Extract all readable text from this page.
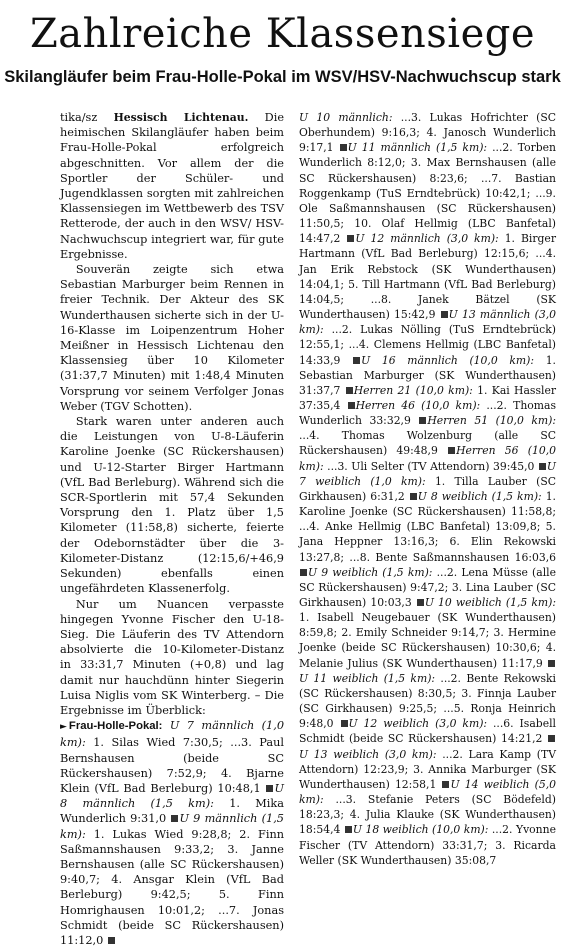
Zahlreiche Klassensiege
Skilangläufer beim Frau-Holle-Pokal im WSV/HSV-Nachwuchscup stark

tika/sz Hessisch Lichtenau. Die heimischen Skilangläufer haben beim Frau-Holle-Pokal erfolgreich abgeschnitten. Vor allem der die Sportler der Schüler- und Jugendklassen sorgten mit zahlreichen Klassensiegen im Wettbewerb des TSV Retterode, der auch in den WSV/ HSV-Nachwuchscup integriert war, für gute Ergebnisse.

Souverän zeigte sich etwa Sebastian Marburger beim Rennen in freier Technik. Der Akteur des SK Wunderthausen sicherte sich in der U-16-Klasse im Loipenzentrum Hoher Meißner in Hessisch Lichtenau den Klassensieg über 10 Kilometer (31:37,7 Minuten) mit 1:48,4 Minuten Vorsprung vor seinem Verfolger Jonas Weber (TGV Schotten).

Stark waren unter anderen auch die Leistungen von U-8-Läuferin Karoline Joenke (SC Rückershausen) und U-12-Starter Birger Hartmann (VfL Bad Berleburg). Während sich die SCR-Sportlerin mit 57,4 Sekunden Vorsprung den 1. Platz über 1,5 Kilometer (11:58,8) sicherte, feierte der Odebornstädter über die 3-Kilometer-Distanz (12:15,6/+46,9 Sekunden) ebenfalls einen ungefährdeten Klassenerfolg.

Nur um Nuancen verpasste hingegen Yvonne Fischer den U-18-Sieg. Die Läuferin des TV Attendorn absolvierte die 10-Kilometer-Distanz in 33:31,7 Minuten (+0,8) und lag damit nur hauchdünn hinter Siegerin Luisa Niglis vom SK Winterberg. – Die Ergebnisse im Überblick:

► Frau-Holle-Pokal: U 7 männlich (1,0 km): 1. Silas Wied 7:30,5; ...3. Paul Bernshausen (beide SC Rückershausen) 7:52,9; 4. Bjarne Klein (VfL Bad Berleburg) 10:48,1 U 8 männlich (1,5 km): 1. Mika Wunderlich 9:31,0 U 9 männlich (1,5 km): 1. Lukas Wied 9:28,8; 2. Finn Saßmannshausen 9:33,2; 3. Janne Bernshausen (alle SC Rückershausen) 9:40,7; 4. Ansgar Klein (VfL Bad Berleburg) 9:42,5; 5. Finn Homrighausen 10:01,2; ...7. Jonas Schmidt (beide SC Rückershausen) 11:12,0

U 10 männlich: ...3. Lukas Hofrichter (SC Oberhundem) 9:16,3; 4. Janosch Wunderlich 9:17,1 U 11 männlich (1,5 km): ...2. Torben Wunderlich 8:12,0; 3. Max Bernshausen (alle SC Rückershausen) 8:23,6; ...7. Bastian Roggenkamp (TuS Erndtebrück) 10:42,1; ...9. Ole Saßmannshausen (SC Rückershausen) 11:50,5; 10. Olaf Hellmig (LBC Banfetal) 14:47,2 U 12 männlich (3,0 km): 1. Birger Hartmann (VfL Bad Berleburg) 12:15,6; ...4. Jan Erik Rebstock (SK Wunderthausen) 14:04,1; 5. Till Hartmann (VfL Bad Berleburg) 14:04,5; ...8. Janek Bätzel (SK Wunderthausen) 15:42,9 U 13 männlich (3,0 km): ...2. Lukas Nölling (TuS Erndtebrück) 12:55,1; ...4. Clemens Hellmig (LBC Banfetal) 14:33,9 U 16 männlich (10,0 km): 1. Sebastian Marburger (SK Wunderthausen) 31:37,7 Herren 21 (10,0 km): 1. Kai Hassler 37:35,4 Herren 46 (10,0 km): ...2. Thomas Wunderlich 33:32,9 Herren 51 (10,0 km): ...4. Thomas Wolzenburg (alle SC Rückershausen) 49:48,9 Herren 56 (10,0 km): ...3. Uli Selter (TV Attendorn) 39:45,0 U 7 weiblich (1,0 km): 1. Tilla Lauber (SC Girkhausen) 6:31,2 U 8 weiblich (1,5 km): 1. Karoline Joenke (SC Rückershausen) 11:58,8; ...4. Anke Hellmig (LBC Banfetal) 13:09,8; 5. Jana Heppner 13:16,3; 6. Elin Rekowski 13:27,8; ...8. Bente Saßmannshausen 16:03,6 U 9 weiblich (1,5 km): ...2. Lena Müsse (alle SC Rückershausen) 9:47,2; 3. Lina Lauber (SC Girkhausen) 10:03,3 U 10 weiblich (1,5 km): 1. Isabell Neugebauer (SK Wunderthausen) 8:59,8; 2. Emily Schneider 9:14,7; 3. Hermine Joenke (beide SC Rückershausen) 10:30,6; 4. Melanie Julius (SK Wunderthausen) 11:17,9 U 11 weiblich (1,5 km): ...2. Bente Rekowski (SC Rückershausen) 8:30,5; 3. Finnja Lauber (SC Girkhausen) 9:25,5; ...5. Ronja Heinrich 9:48,0 U 12 weiblich (3,0 km): ...6. Isabell Schmidt (beide SC Rückershausen) 14:21,2 U 13 weiblich (3,0 km): ...2. Lara Kamp (TV Attendorn) 12:23,9; 3. Annika Marburger (SK Wunderthausen) 12:58,1 U 14 weiblich (5,0 km): ...3. Stefanie Peters (SC Bödefeld) 18:23,3; 4. Julia Klauke (SK Wunderthausen) 18:54,4 U 18 weiblich (10,0 km): ...2. Yvonne Fischer (TV Attendorn) 33:31,7; 3. Ricarda Weller (SK Wunderthausen) 35:08,7
